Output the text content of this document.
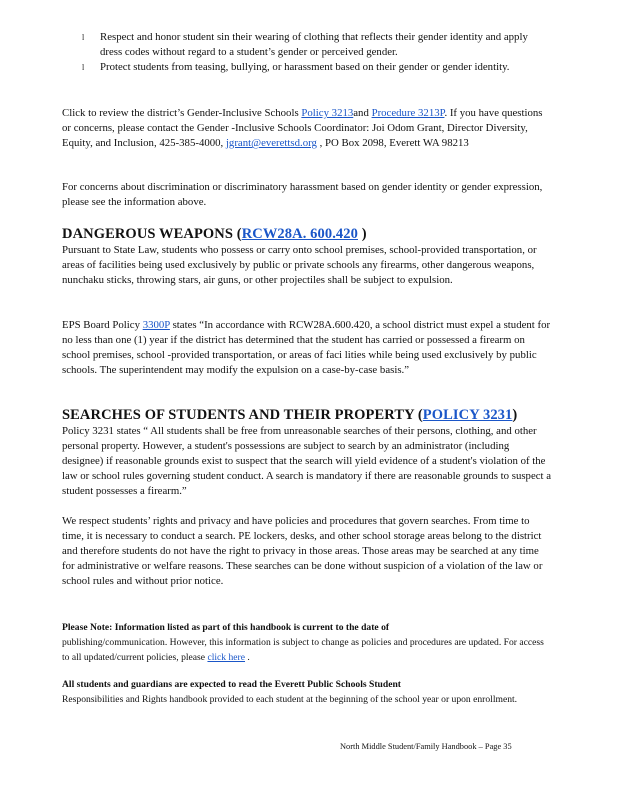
l	Respect and honor student sin their wearing of clothing that reflects their gender identity and apply dress codes without regard to a student’s gender or perceived gender.
l	Protect students from teasing, bullying, or harassment based on their gender or gender identity.
Click to review the district’s Gender-Inclusive Schools Policy 3213and Procedure 3213P. If you have questions or concerns, please contact the Gender -Inclusive Schools Coordinator: Joi Odom Grant, Director Diversity, Equity, and Inclusion, 425-385-4000, jgrant@everettsd.org , PO Box 2098, Everett WA 98213
For concerns about discrimination or discriminatory harassment based on gender identity or gender expression, please see the information above.
DANGEROUS WEAPONS (RCW28A. 600.420 )
Pursuant to State Law, students who possess or carry onto school premises, school-provided transportation, or areas of facilities being used exclusively by public or private schools any firearms, other dangerous weapons, nunchaku sticks, throwing stars, air guns, or other projectiles shall be subject to expulsion.
EPS Board Policy 3300P states “In accordance with RCW28A.600.420, a school district must expel a student for no less than one (1) year if the district has determined that the student has carried or possessed a firearm on school premises, school -provided transportation, or areas of faci lities while being used exclusively by public schools. The superintendent may modify the expulsion on a case-by-case basis.”
SEARCHES OF STUDENTS AND THEIR PROPERTY (POLICY 3231)
Policy 3231 states “ All students shall be free from unreasonable searches of their persons, clothing, and other personal property. However, a student's possessions are subject to search by an administrator (including designee) if reasonable grounds exist to suspect that the search will yield evidence of a student's violation of the law or school rules governing student conduct. A search is mandatory if there are reasonable grounds to suspect a student possesses a firearm.”
We respect students’ rights and privacy and have policies and procedures that govern searches. From time to time, it is necessary to conduct a search. PE lockers, desks, and other school storage areas belong to the district and therefore students do not have the right to privacy in those areas. Those areas may be searched at any time for administrative or welfare reasons. These searches can be done without suspicion of a violation of the law or school rules and without prior notice.
Please Note: Information listed as part of this handbook is current to the date of
publishing/communication. However, this information is subject to change as policies and procedures are updated. For access to all updated/current policies, please click here .
All students and guardians are expected to read the Everett Public Schools Student
Responsibilities and Rights handbook provided to each student at the beginning of the school year or upon enrollment.
North Middle Student/Family Handbook – Page 35
